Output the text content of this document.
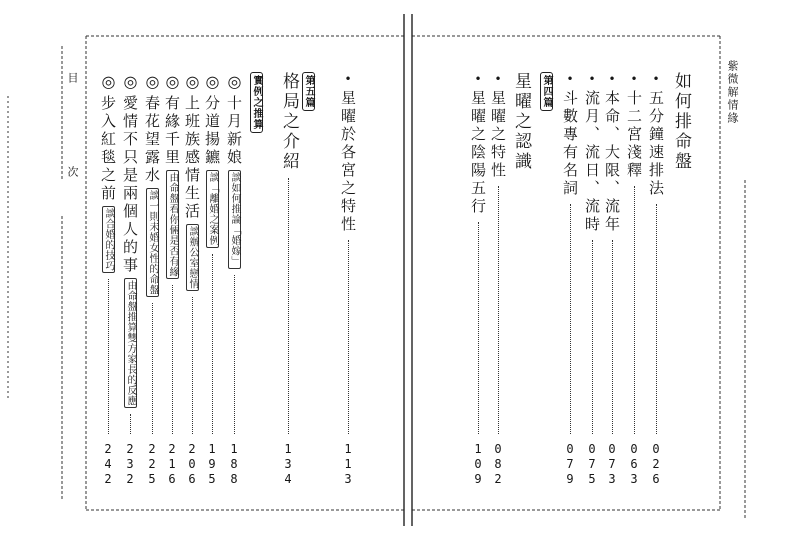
目
次
紫微解情緣
如何排命盤
•五分鐘速排法
026
•十二宮淺釋
063
•本命、大限、流年
073
•流月、流日、流時
075
•斗數專有名詞
079
第四篇
星曜之認識
•星曜之特性
082
•星曜之陰陽五行
109
•星曜於各宮之特性
113
第五篇
格局之介紹
134
實例之推算
◎十月新娘談如何推論「婚嫁」
188
◎分道揚鑣談「離婚之案例
195
◎上班族感情生活談辦公室戀情
206
◎有緣千里由命盤看你倆是否有緣
216
◎春花望露水談一則未婚女性的命盤
225
◎愛情不只是兩個人的事由命盤推算雙方家長的反應
232
◎步入紅毯之前談合婚的技巧
242
